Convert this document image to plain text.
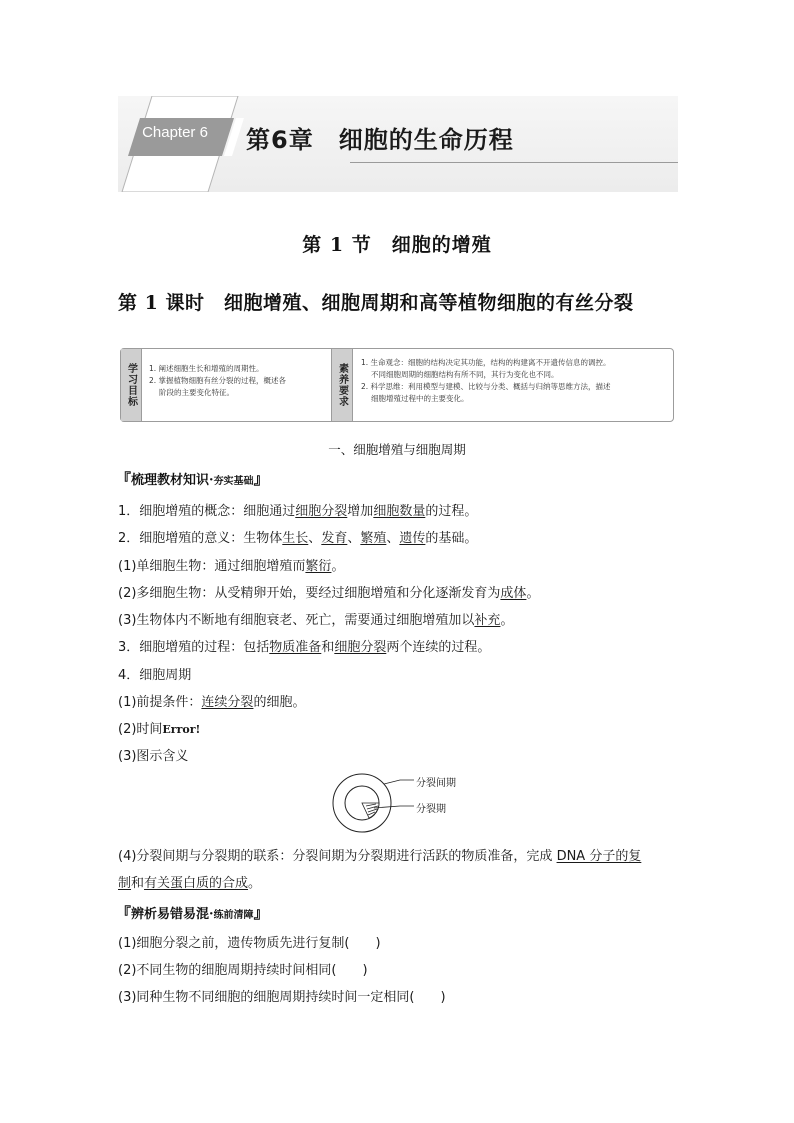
Chapter 6	第6章　细胞的生命历程
第 1 节　细胞的增殖
第 1 课时　细胞增殖、细胞周期和高等植物细胞的有丝分裂
学习目标 1. 阐述细胞生长和增殖的周期性。

2. 掌握植物细胞有丝分裂的过程，概述各

阶段的主要变化特征。	素养要求

1. 生命观念：细胞的结构决定其功能，结构的构建离不开遗传信息的调控。

不同细胞周期的细胞结构有所不同，其行为变化也不同。

2. 科学思维：利用模型与建模、比较与分类、概括与归纳等思维方法，描述

细胞增殖过程中的主要变化。

一、细胞增殖与细胞周期
『梳理教材知识·夯实基础』
1．细胞增殖的概念：细胞通过细胞分裂增加细胞数量的过程。
2．细胞增殖的意义：生物体生长、发育、繁殖、遗传的基础。
(1)单细胞生物：通过细胞增殖而繁衍。
(2)多细胞生物：从受精卵开始，要经过细胞增殖和分化逐渐发育为成体。
(3)生物体内不断地有细胞衰老、死亡，需要通过细胞增殖加以补充。
3．细胞增殖的过程：包括物质准备和细胞分裂两个连续的过程。
4．细胞周期
(1)前提条件：连续分裂的细胞。
(2)时间Error!
(3)图示含义
分裂间期
分裂期
(4)分裂间期与分裂期的联系：分裂间期为分裂期进行活跃的物质准备，完成 DNA 分子的复
制和有关蛋白质的合成。
『辨析易错易混·练前清障』
(1)细胞分裂之前，遗传物质先进行复制(　　)
(2)不同生物的细胞周期持续时间相同(　　)
(3)同种生物不同细胞的细胞周期持续时间一定相同(　　)
